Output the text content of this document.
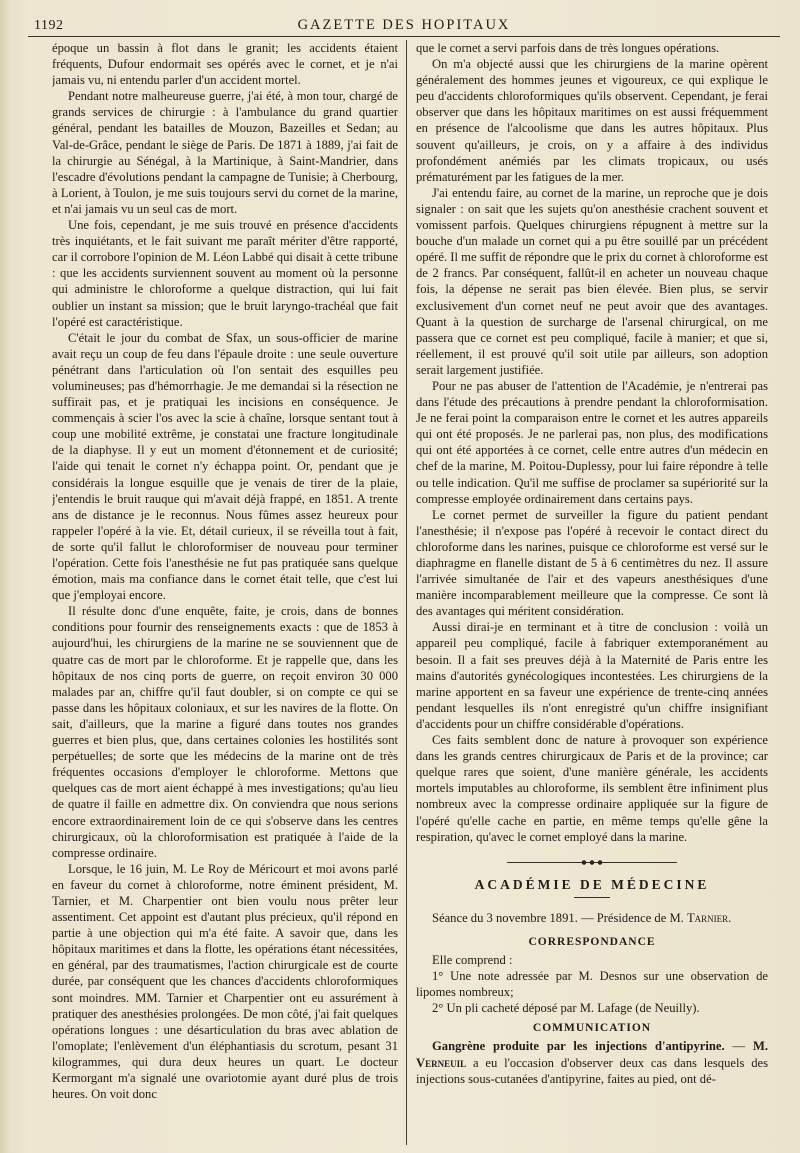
1192	GAZETTE DES HOPITAUX

époque un bassin à flot dans le granit; les accidents étaient fréquents, Dufour endormait ses opérés avec le cornet, et je n'ai jamais vu, ni entendu parler d'un accident mortel.

Pendant notre malheureuse guerre, j'ai été, à mon tour, chargé de grands services de chirurgie : à l'ambulance du grand quartier général, pendant les batailles de Mouzon, Bazeilles et Sedan; au Val-de-Grâce, pendant le siège de Paris. De 1871 à 1889, j'ai fait de la chirurgie au Sénégal, à la Martinique, à Saint-Mandrier, dans l'escadre d'évolutions pendant la campagne de Tunisie; à Cherbourg, à Lorient, à Toulon, je me suis toujours servi du cornet de la marine, et n'ai jamais vu un seul cas de mort.

Une fois, cependant, je me suis trouvé en présence d'accidents très inquiétants, et le fait suivant me paraît mériter d'être rapporté, car il corrobore l'opinion de M. Léon Labbé qui disait à cette tribune : que les accidents surviennent souvent au moment où la personne qui administre le chloroforme a quelque distraction, qui lui fait oublier un instant sa mission; que le bruit laryngo-trachéal que fait l'opéré est caractéristique.

C'était le jour du combat de Sfax, un sous-officier de marine avait reçu un coup de feu dans l'épaule droite : une seule ouverture pénétrant dans l'articulation où l'on sentait des esquilles peu volumineuses; pas d'hémorrhagie. Je me demandai si la résection ne suffirait pas, et je pratiquai les incisions en conséquence. Je commençais à scier l'os avec la scie à chaîne, lorsque sentant tout à coup une mobilité extrême, je constatai une fracture longitudinale de la diaphyse. Il y eut un moment d'étonnement et de curiosité; l'aide qui tenait le cornet n'y échappa point. Or, pendant que je considérais la longue esquille que je venais de tirer de la plaie, j'entendis le bruit rauque qui m'avait déjà frappé, en 1851. A trente ans de distance je le reconnus. Nous fûmes assez heureux pour rappeler l'opéré à la vie. Et, détail curieux, il se réveilla tout à fait, de sorte qu'il fallut le chloroformiser de nouveau pour terminer l'opération. Cette fois l'anesthésie ne fut pas pratiquée sans quelque émotion, mais ma confiance dans le cornet était telle, que c'est lui que j'employai encore.

Il résulte donc d'une enquête, faite, je crois, dans de bonnes conditions pour fournir des renseignements exacts : que de 1853 à aujourd'hui, les chirurgiens de la marine ne se souviennent que de quatre cas de mort par le chloroforme. Et je rappelle que, dans les hôpitaux de nos cinq ports de guerre, on reçoit environ 30 000 malades par an, chiffre qu'il faut doubler, si on compte ce qui se passe dans les hôpitaux coloniaux, et sur les navires de la flotte. On sait, d'ailleurs, que la marine a figuré dans toutes nos grandes guerres et bien plus, que, dans certaines colonies les hostilités sont perpétuelles; de sorte que les médecins de la marine ont de très fréquentes occasions d'employer le chloroforme. Mettons que quelques cas de mort aient échappé à mes investigations; qu'au lieu de quatre il faille en admettre dix. On conviendra que nous serions encore extraordinairement loin de ce qui s'observe dans les centres chirurgicaux, où la chloroformisation est pratiquée à l'aide de la compresse ordinaire.

Lorsque, le 16 juin, M. Le Roy de Méricourt et moi avons parlé en faveur du cornet à chloroforme, notre éminent président, M. Tarnier, et M. Charpentier ont bien voulu nous prêter leur assentiment. Cet appoint est d'autant plus précieux, qu'il répond en partie à une objection qui m'a été faite. A savoir que, dans les hôpitaux maritimes et dans la flotte, les opérations étant nécessitées, en général, par des traumatismes, l'action chirurgicale est de courte durée, par conséquent que les chances d'accidents chloroformiques sont moindres. MM. Tarnier et Charpentier ont eu assurément à pratiquer des anesthésies prolongées. De mon côté, j'ai fait quelques opérations longues : une désarticulation du bras avec ablation de l'omoplate; l'enlèvement d'un éléphantiasis du scrotum, pesant 31 kilogrammes, qui dura deux heures un quart. Le docteur Kermorgant m'a signalé une ovariotomie ayant duré plus de trois heures. On voit donc

que le cornet a servi parfois dans de très longues opérations.

On m'a objecté aussi que les chirurgiens de la marine opèrent généralement des hommes jeunes et vigoureux, ce qui explique le peu d'accidents chloroformiques qu'ils observent. Cependant, je ferai observer que dans les hôpitaux maritimes on est aussi fréquemment en présence de l'alcoolisme que dans les autres hôpitaux. Plus souvent qu'ailleurs, je crois, on y a affaire à des individus profondément anémiés par les climats tropicaux, ou usés prématurément par les fatigues de la mer.

J'ai entendu faire, au cornet de la marine, un reproche que je dois signaler : on sait que les sujets qu'on anesthésie crachent souvent et vomissent parfois. Quelques chirurgiens répugnent à mettre sur la bouche d'un malade un cornet qui a pu être souillé par un précédent opéré. Il me suffit de répondre que le prix du cornet à chloroforme est de 2 francs. Par conséquent, fallût-il en acheter un nouveau chaque fois, la dépense ne serait pas bien élevée. Bien plus, se servir exclusivement d'un cornet neuf ne peut avoir que des avantages. Quant à la question de surcharge de l'arsenal chirurgical, on me passera que ce cornet est peu compliqué, facile à manier; et que si, réellement, il est prouvé qu'il soit utile par ailleurs, son adoption serait largement justifiée.

Pour ne pas abuser de l'attention de l'Académie, je n'entrerai pas dans l'étude des précautions à prendre pendant la chloroformisation. Je ne ferai point la comparaison entre le cornet et les autres appareils qui ont été proposés. Je ne parlerai pas, non plus, des modifications qui ont été apportées à ce cornet, celle entre autres d'un médecin en chef de la marine, M. Poitou-Duplessy, pour lui faire répondre à telle ou telle indication. Qu'il me suffise de proclamer sa supériorité sur la compresse employée ordinairement dans certains pays.

Le cornet permet de surveiller la figure du patient pendant l'anesthésie; il n'expose pas l'opéré à recevoir le contact direct du chloroforme dans les narines, puisque ce chloroforme est versé sur le diaphragme en flanelle distant de 5 à 6 centimètres du nez. Il assure l'arrivée simultanée de l'air et des vapeurs anesthésiques d'une manière incomparablement meilleure que la compresse. Ce sont là des avantages qui méritent considération.

Aussi dirai-je en terminant et à titre de conclusion : voilà un appareil peu compliqué, facile à fabriquer extemporanément au besoin. Il a fait ses preuves déjà à la Maternité de Paris entre les mains d'autorités gynécologiques incontestées. Les chirurgiens de la marine apportent en sa faveur une expérience de trente-cinq années pendant lesquelles ils n'ont enregistré qu'un chiffre insignifiant d'accidents pour un chiffre considérable d'opérations.

Ces faits semblent donc de nature à provoquer son expérience dans les grands centres chirurgicaux de Paris et de la province; car quelque rares que soient, d'une manière générale, les accidents mortels imputables au chloroforme, ils semblent être infiniment plus nombreux avec la compresse ordinaire appliquée sur la figure de l'opéré qu'elle cache en partie, en même temps qu'elle gêne la respiration, qu'avec le cornet employé dans la marine.

ACADÉMIE DE MÉDECINE

Séance du 3 novembre 1891. — Présidence de M. Tarnier.

CORRESPONDANCE

Elle comprend :

1° Une note adressée par M. Desnos sur une observation de lipomes nombreux;

2° Un pli cacheté déposé par M. Lafage (de Neuilly).

COMMUNICATION

Gangrène produite par les injections d'antipyrine. — M. Verneuil a eu l'occasion d'observer deux cas dans lesquels des injections sous-cutanées d'antipyrine, faites au pied, ont dé-
